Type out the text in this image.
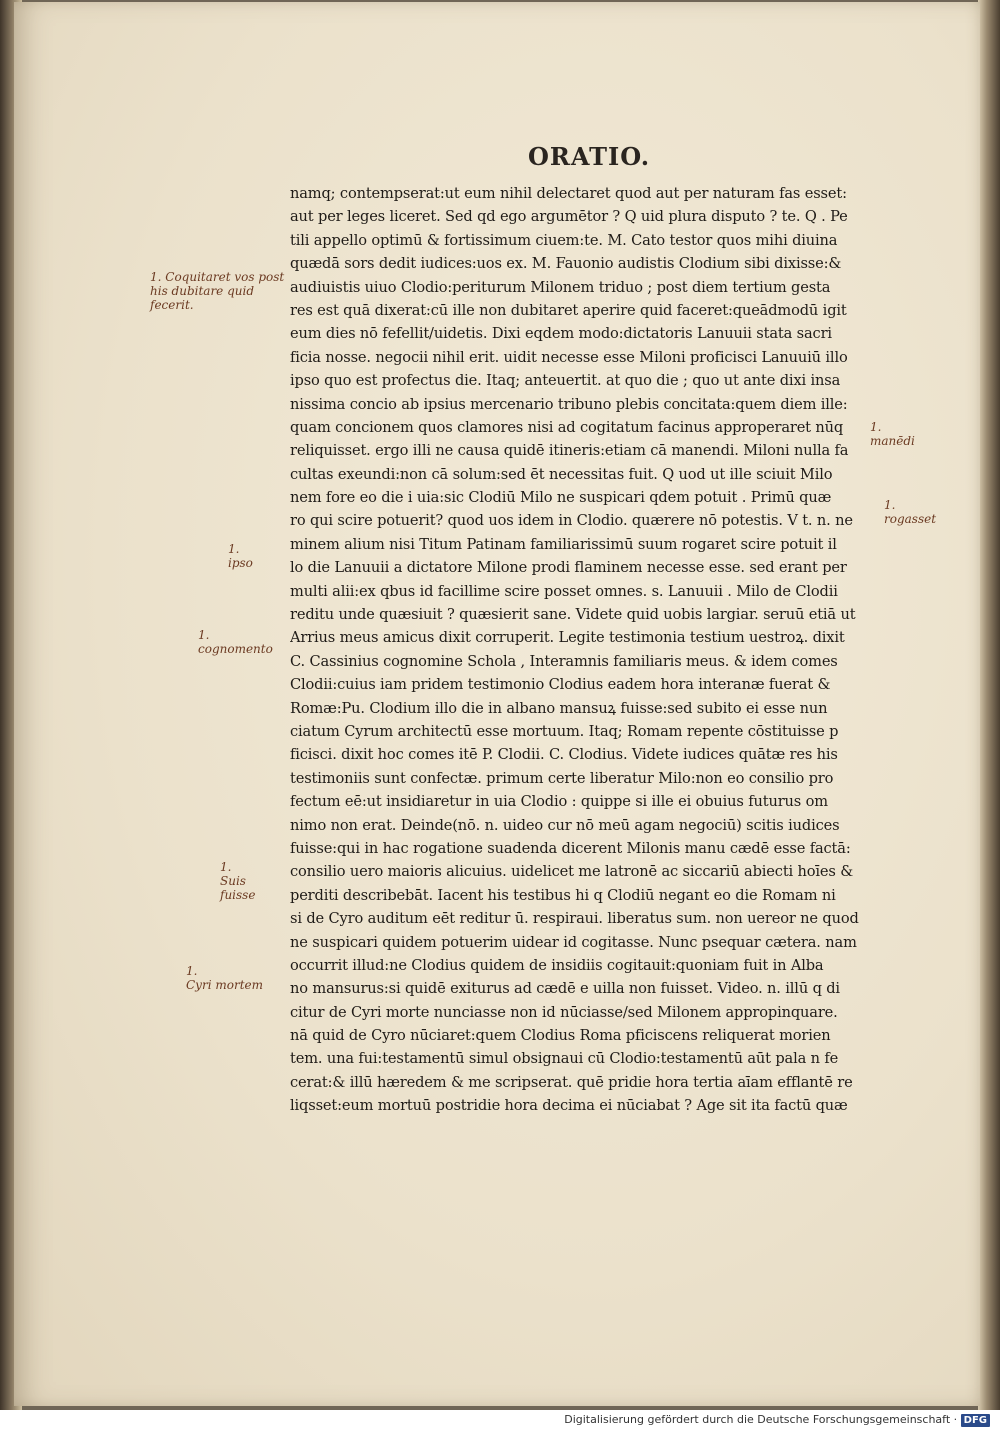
ORATIO.
namq; contempserat:ut eum nihil delectaret quod aut per naturam fas esset:
aut per leges liceret. Sed qd ego argumētor ? Q uid plura disputo ? te. Q . Pe
tili appello optimū & fortissimum ciuem:te. M. Cato testor quos mihi diuina
quædā sors dedit iudices:uos ex. M. Fauonio audistis Clodium sibi dixisse:&
audiuistis uiuo Clodio:periturum Milonem triduo ; post diem tertium gesta
res est quā dixerat:cū ille non dubitaret aperire quid faceret:queādmodū igit
eum dies nō fefellit/uidetis. Dixi eqdem modo:dictatoris Lanuuii stata sacri
ficia nosse. negocii nihil erit. uidit necesse esse Miloni proficisci Lanuuiū illo
ipso quo est profectus die. Itaq; anteuertit. at quo die ; quo ut ante dixi insa
nissima concio ab ipsius mercenario tribuno plebis concitata:quem diem ille:
quam concionem quos clamores nisi ad cogitatum facinus approperaret nūq
reliquisset. ergo illi ne causa quidē itineris:etiam cā manendi. Miloni nulla fa
cultas exeundi:non cā solum:sed ēt necessitas fuit. Q uod ut ille sciuit Milo
nem fore eo die i uia:sic Clodiū Milo ne suspicari qdem potuit . Primū quæ
ro qui scire potuerit? quod uos idem in Clodio. quærere nō potestis. V t. n. ne
minem alium nisi Titum Patinam familiarissimū suum rogaret scire potuit il
lo die Lanuuii a dictatore Milone prodi flaminem necesse esse. sed erant per
multi alii:ex qbus id facillime scire posset omnes. s. Lanuuii . Milo de Clodii
reditu unde quæsiuit ? quæsierit sane. Videte quid uobis largiar. seruū etiā ut
Arrius meus amicus dixit corruperit. Legite testimonia testium uestroꝝ. dixit
C. Cassinius cognomine Schola , Interamnis familiaris meus. & idem comes
Clodii:cuius iam pridem testimonio Clodius eadem hora interanæ fuerat &
Romæ:Pu. Clodium illo die in albano mansuꝝ fuisse:sed subito ei esse nun
ciatum Cyrum architectū esse mortuum. Itaq; Romam repente cōstituisse p
ficisci. dixit hoc comes itē P. Clodii. C. Clodius. Videte iudices quātæ res his
testimoniis sunt confectæ. primum certe liberatur Milo:non eo consilio pro
fectum eē:ut insidiaretur in uia Clodio : quippe si ille ei obuius futurus om
nimo non erat. Deinde(nō. n. uideo cur nō meū agam negociū) scitis iudices
fuisse:qui in hac rogatione suadenda dicerent Milonis manu cædē esse factā:
consilio uero maioris alicuius. uidelicet me latronē ac siccariū abiecti hoīes &
perditi describebāt. Iacent his testibus hi q Clodiū negant eo die Romam ni
si de Cyro auditum eēt reditur ū. respiraui. liberatus sum. non uereor ne quod
ne suspicari quidem potuerim uidear id cogitasse. Nunc psequar cætera. nam
occurrit illud:ne Clodius quidem de insidiis cogitauit:quoniam fuit in Alba
no mansurus:si quidē exiturus ad cædē e uilla non fuisset. Video. n. illū q di
citur de Cyri morte nunciasse non id nūciasse/sed Milonem appropinquare.
nā quid de Cyro nūciaret:quem Clodius Roma pficiscens reliquerat morien
tem. una fui:testamentū simul obsignaui cū Clodio:testamentū aūt pala n fe
cerat:& illū hæredem & me scripserat. quē pridie hora tertia aīam efflantē re
liqsset:eum mortuū postridie hora decima ei nūciabat ? Age sit ita factū quæ
1. Coquitaret vos post
his dubitare quid
fecerit.
1.
manēdi
1.
rogasset
1.
ipso
1.
cognomento
1.
Suis
fuisse
1.
Cyri mortem
Digitalisierung gefördert durch die Deutsche Forschungsgemeinschaft · DFG
